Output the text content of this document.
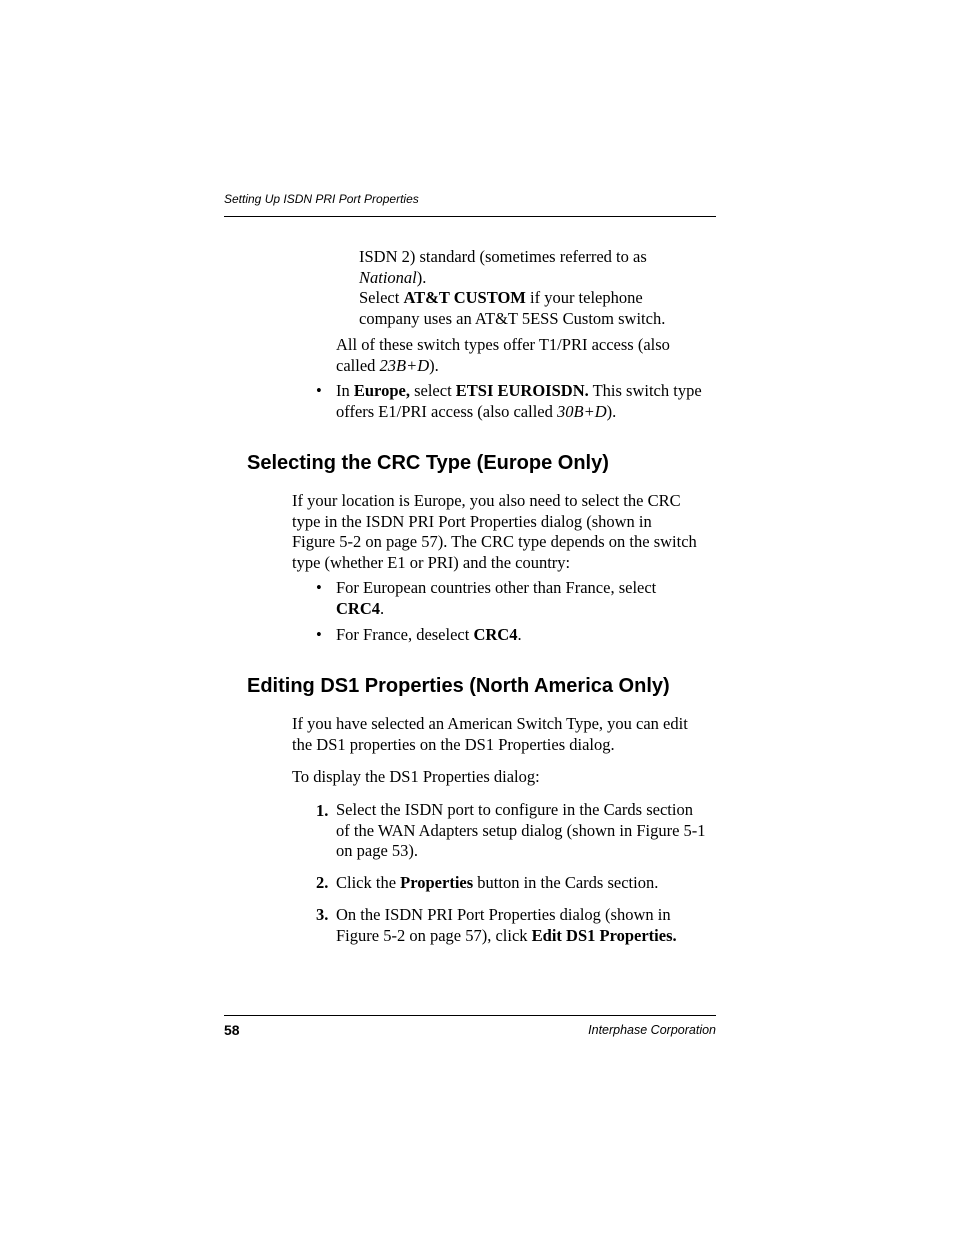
Setting Up ISDN PRI Port Properties
ISDN 2) standard (sometimes referred to as
National).
Select AT&T CUSTOM if your telephone
company uses an AT&T 5ESS Custom switch.
All of these switch types offer T1/PRI access (also
called 23B+D).
• In Europe, select ETSI EUROISDN. This switch type
offers E1/PRI access (also called 30B+D).
Selecting the CRC Type (Europe Only)
If your location is Europe, you also need to select the CRC
type in the ISDN PRI Port Properties dialog (shown in
Figure 5-2 on page 57). The CRC type depends on the switch
type (whether E1 or PRI) and the country:
• For European countries other than France, select
CRC4.
• For France, deselect CRC4.
Editing DS1 Properties (North America Only)
If you have selected an American Switch Type, you can edit
the DS1 properties on the DS1 Properties dialog.
To display the DS1 Properties dialog:
1. Select the ISDN port to configure in the Cards section
of the WAN Adapters setup dialog (shown in Figure 5-1
on page 53).
2. Click the Properties button in the Cards section.
3. On the ISDN PRI Port Properties dialog (shown in
Figure 5-2 on page 57), click Edit DS1 Properties.
58	Interphase Corporation
